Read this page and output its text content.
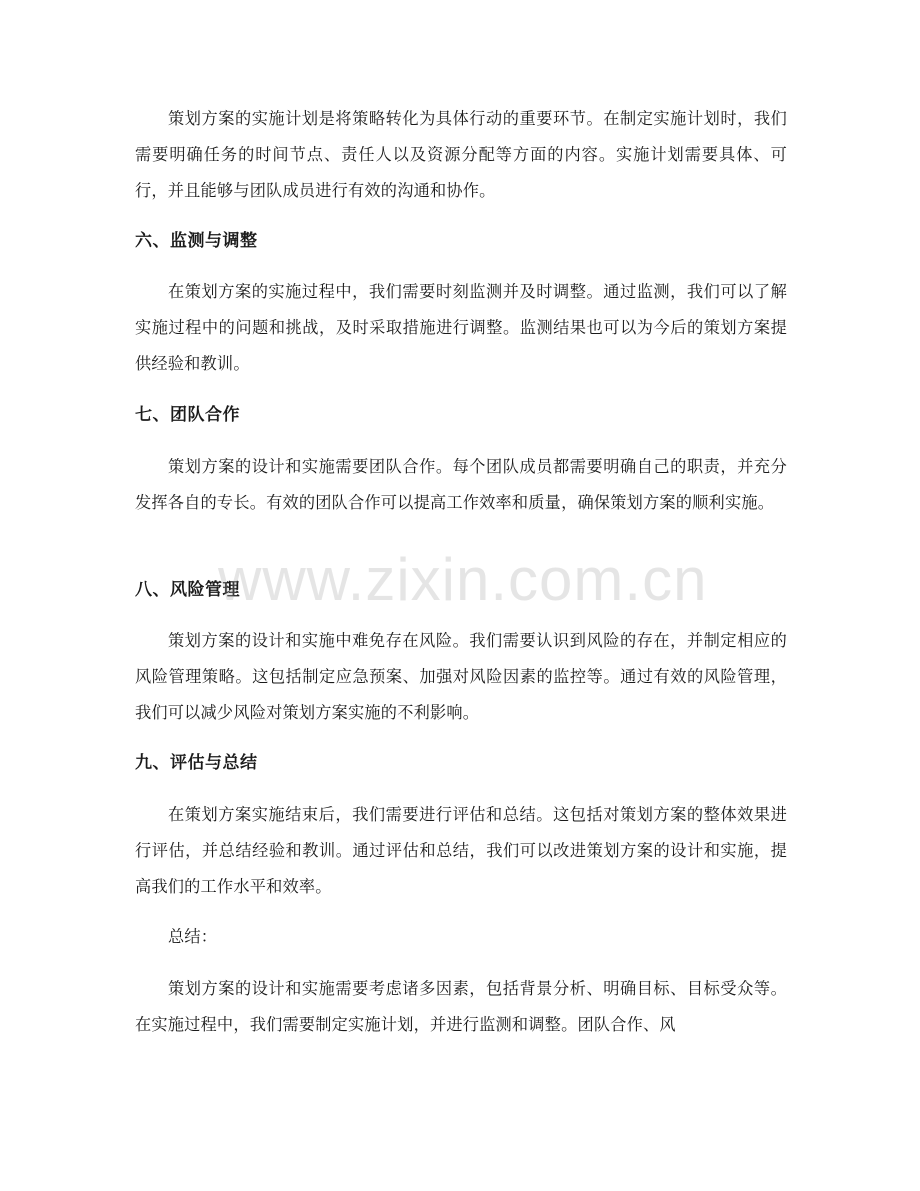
策划方案的实施计划是将策略转化为具体行动的重要环节。在制定实施计划时，我们需要明确任务的时间节点、责任人以及资源分配等方面的内容。实施计划需要具体、可行，并且能够与团队成员进行有效的沟通和协作。

六、监测与调整

在策划方案的实施过程中，我们需要时刻监测并及时调整。通过监测，我们可以了解实施过程中的问题和挑战，及时采取措施进行调整。监测结果也可以为今后的策划方案提供经验和教训。

七、团队合作

策划方案的设计和实施需要团队合作。每个团队成员都需要明确自己的职责，并充分发挥各自的专长。有效的团队合作可以提高工作效率和质量，确保策划方案的顺利实施。

八、风险管理

策划方案的设计和实施中难免存在风险。我们需要认识到风险的存在，并制定相应的风险管理策略。这包括制定应急预案、加强对风险因素的监控等。通过有效的风险管理，我们可以减少风险对策划方案实施的不利影响。

九、评估与总结

在策划方案实施结束后，我们需要进行评估和总结。这包括对策划方案的整体效果进行评估，并总结经验和教训。通过评估和总结，我们可以改进策划方案的设计和实施，提高我们的工作水平和效率。

总结：

策划方案的设计和实施需要考虑诸多因素，包括背景分析、明确目标、目标受众等。在实施过程中，我们需要制定实施计划，并进行监测和调整。团队合作、风

www.zixin.com.cn
